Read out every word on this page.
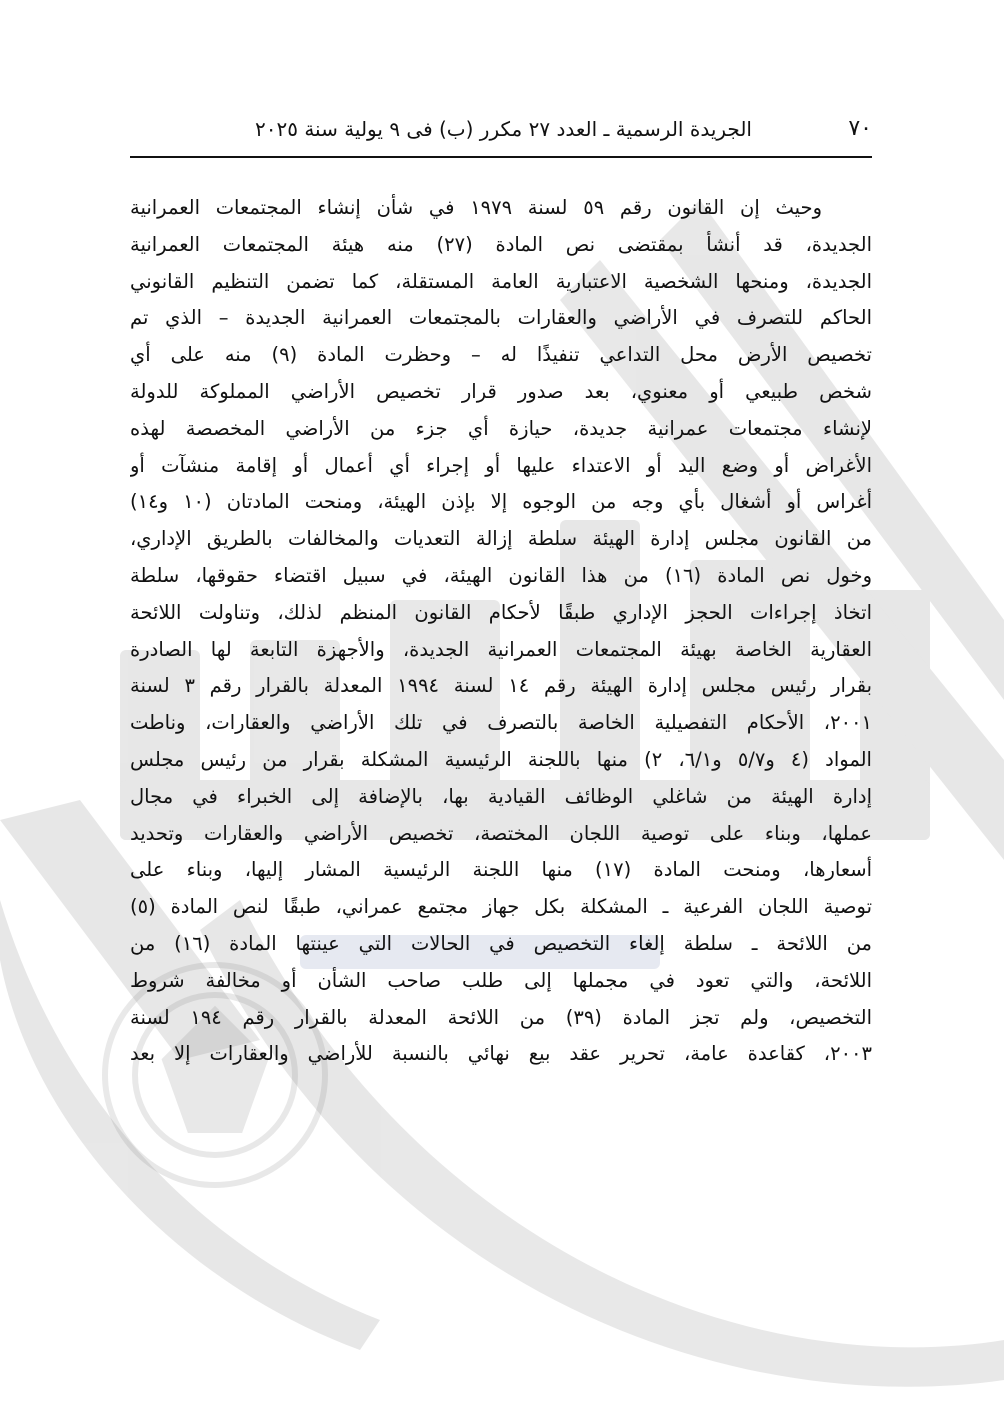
٧٠
الجريدة الرسمية ـ العدد ٢٧ مكرر (ب) فى ٩ يولية سنة ٢٠٢٥
وحيث إن القانون رقم ٥٩ لسنة ١٩٧٩ في شأن إنشاء المجتمعات العمرانية
الجديدة، قد أنشأ بمقتضى نص المادة (٢٧) منه هيئة المجتمعات العمرانية
الجديدة، ومنحها الشخصية الاعتبارية العامة المستقلة، كما تضمن التنظيم القانوني
الحاكم للتصرف في الأراضي والعقارات بالمجتمعات العمرانية الجديدة – الذي تم
تخصيص الأرض محل التداعي تنفيذًا له – وحظرت المادة (٩) منه على أي
شخص طبيعي أو معنوي، بعد صدور قرار تخصيص الأراضي المملوكة للدولة
لإنشاء مجتمعات عمرانية جديدة، حيازة أي جزء من الأراضي المخصصة لهذه
الأغراض أو وضع اليد أو الاعتداء عليها أو إجراء أي أعمال أو إقامة منشآت أو
أغراس أو أشغال بأي وجه من الوجوه إلا بإذن الهيئة، ومنحت المادتان (١٠ و١٤)
من القانون مجلس إدارة الهيئة سلطة إزالة التعديات والمخالفات بالطريق الإداري،
وخول نص المادة (١٦) من هذا القانون الهيئة، في سبيل اقتضاء حقوقها، سلطة
اتخاذ إجراءات الحجز الإداري طبقًا لأحكام القانون المنظم لذلك، وتناولت اللائحة
العقارية الخاصة بهيئة المجتمعات العمرانية الجديدة، والأجهزة التابعة لها الصادرة
بقرار رئيس مجلس إدارة الهيئة رقم ١٤ لسنة ١٩٩٤ المعدلة بالقرار رقم ٣ لسنة
٢٠٠١، الأحكام التفصيلية الخاصة بالتصرف في تلك الأراضي والعقارات، وناطت
المواد (٤ و٥/٧ و٦/١، ٢) منها باللجنة الرئيسية المشكلة بقرار من رئيس مجلس
إدارة الهيئة من شاغلي الوظائف القيادية بها، بالإضافة إلى الخبراء في مجال
عملها، وبناء على توصية اللجان المختصة، تخصيص الأراضي والعقارات وتحديد
أسعارها، ومنحت المادة (١٧) منها اللجنة الرئيسية المشار إليها، وبناء على
توصية اللجان الفرعية ـ المشكلة بكل جهاز مجتمع عمراني، طبقًا لنص المادة (٥)
من اللائحة ـ سلطة إلغاء التخصيص في الحالات التي عينتها المادة (١٦) من
اللائحة، والتي تعود في مجملها إلى طلب صاحب الشأن أو مخالفة شروط
التخصيص، ولم تجز المادة (٣٩) من اللائحة المعدلة بالقرار رقم ١٩٤ لسنة
٢٠٠٣، كقاعدة عامة، تحرير عقد بيع نهائي بالنسبة للأراضي والعقارات إلا بعد
